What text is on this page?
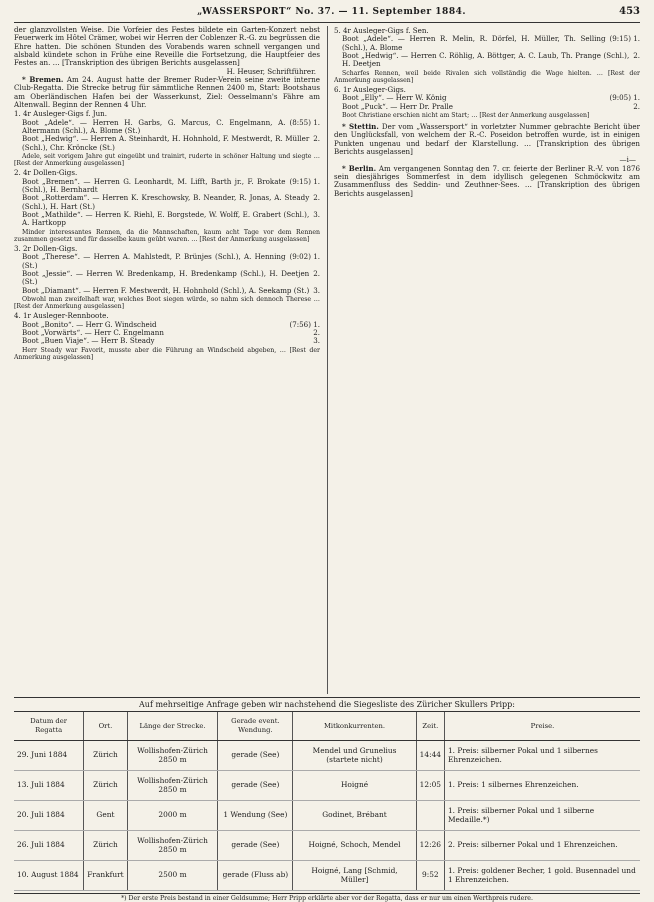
„WASSERSPORT“ No. 37. — 11. September 1884.	453

der glanzvollsten Weise. Die Vorfeier des Festes bildete ein Garten-Konzert nebst Feuerwerk im Hôtel Crämer, wobei wir Herren der Coblenzer R.-G. zu begrüssen die Ehre hatten. Die schönen Stunden des Vorabends waren schnell vergangen und alsbald kündete schon in Frühe eine Reveille die Fortsetzung, die Hauptfeier des Festes an. … [Transkription des übrigen Berichts ausgelassen]

H. Heuser, Schriftführer.

* Bremen. Am 24. August hatte der Bremer Ruder-Verein seine zweite interne Club-Regatta. Die Strecke betrug für sämmtliche Rennen 2400 m, Start: Bootshaus am Oberländischen Hafen bei der Wasserkunst, Ziel: Oesselmann's Fähre am Altenwall. Beginn der Rennen 4 Uhr.

1. 4r Ausleger-Gigs f. Jun.
Boot „Adele“. — Herren H. Garbs, G. Marcus, C. Engelmann, A. Altermann (Schl.), A. Blome (St.)
(8:55) 1.
Boot „Hedwig“. — Herren A. Steinhardt, H. Hohnhold, F. Mestwerdt, R. Müller (Schl.), Chr. Kröncke (St.)
2.
Adele, seit vorigem Jahre gut eingeübt und trainirt, ruderte in schöner Haltung und siegte … [Rest der Anmerkung ausgelassen]
2. 4r Dollen-Gigs.
Boot „Bremen“. — Herren G. Leonhardt, M. Lifft, Barth jr., F. Brokate (Schl.), H. Bernhardt
(9:15) 1.
Boot „Rotterdam“. — Herren K. Kreschowsky, B. Neander, R. Jonas, A. Steady (Schl.), H. Hart (St.)
2.
Boot „Mathilde“. — Herren K. Riehl, E. Borgstede, W. Wolff, E. Grabert (Schl.), A. Hartkopp
3.
Minder interessantes Rennen, da die Mannschaften, kaum acht Tage vor dem Rennen zusammen gesetzt und für dasselbe kaum geübt waren. … [Rest der Anmerkung ausgelassen]
3. 2r Dollen-Gigs.
Boot „Therese“. — Herren A. Mahlstedt, P. Brünjes (Schl.), A. Henning (St.)
(9:02) 1.
Boot „Jessie“. — Herren W. Bredenkamp, H. Bredenkamp (Schl.), H. Deetjen (St.)
2.
Boot „Diamant“. — Herren F. Mestwerdt, H. Hohnhold (Schl.), A. Seekamp (St.) 3.
Obwohl man zweifelhaft war, welches Boot siegen würde, so nahm sich dennoch Therese … [Rest der Anmerkung ausgelassen]
4. 1r Ausleger-Rennboote.
Boot „Bonito“. — Herr G. Windscheid	(7:56) 1.
Boot „Vorwärts“. — Herr C. Engelmann	2.
Boot „Buen Viaje“. — Herr B. Steady	3.
Herr Steady war Favorit, musste aber die Führung an Windscheid abgeben, … [Rest der Anmerkung ausgelassen]
5. 4r Ausleger-Gigs f. Sen.
Boot „Adele“. — Herren R. Melin, R. Dörfel, H. Müller, Th. Selling (Schl.), A. Blome
(9:15) 1.
Boot „Hedwig“. — Herren C. Röhlig, A. Böttger, A. C. Laub, Th. Prange (Schl.), H. Deetjen
2.
Scharfes Rennen, weil beide Rivalen sich vollständig die Wage hielten. … [Rest der Anmerkung ausgelassen]
6. 1r Ausleger-Gigs.
Boot „Elly“. — Herr W. König	(9:05) 1.
Boot „Puck“. — Herr Dr. Pralle	2.
Boot Christiane erschien nicht am Start; … [Rest der Anmerkung ausgelassen]

* Stettin. Der vom „Wassersport“ in vorletzter Nummer gebrachte Bericht über den Unglücksfall, von welchem der R.-C. Poseidon betroffen wurde, ist in einigen Punkten ungenau und bedarf der Klarstellung. … [Transkription des übrigen Berichts ausgelassen]

—i—

* Berlin. Am vergangenen Sonntag den 7. cr. feierte der Berliner R.-V. von 1876 sein diesjähriges Sommerfest in dem idyllisch gelegenen Schmöckwitz am Zusammenfluss des Seddin- und Zeuthner-Sees. … [Transkription des übrigen Berichts ausgelassen]

Auf mehrseitige Anfrage geben wir nachstehend die Siegesliste des Züricher Skullers Pripp:
Datum der Regatta	Ort.	Länge der Strecke.	Gerade event. Wendung.	Mitkonkurrenten.	Zeit.	Preise.
29. Juni 1884	Zürich	Wollishofen-Zürich 2850 m	gerade (See)	Mendel und Grunelius (startete nicht)	14:44	1. Preis: silberner Pokal und 1 silbernes Ehrenzeichen.
13. Juli 1884	Zürich	Wollishofen-Zürich 2850 m	gerade (See)	Hoigné	12:05	1. Preis: 1 silbernes Ehrenzeichen.
20. Juli 1884	Gent	2000 m	1 Wendung (See)	Godinet, Brébant		1. Preis: silberner Pokal und 1 silberne Medaille.*)
26. Juli 1884	Zürich	Wollishofen-Zürich 2850 m	gerade (See)	Hoigné, Schoch, Mendel	12:26	2. Preis: silberner Pokal und 1 Ehrenzeichen.
10. August 1884	Frankfurt	2500 m	gerade (Fluss ab)	Hoigné, Lang [Schmid, Müller]	9:52	1. Preis: goldener Becher, 1 gold. Busennadel und 1 Ehrenzeichen.
*) Der erste Preis bestand in einer Geldsumme; Herr Pripp erklärte aber vor der Regatta, dass er nur um einen Werthpreis rudere.
